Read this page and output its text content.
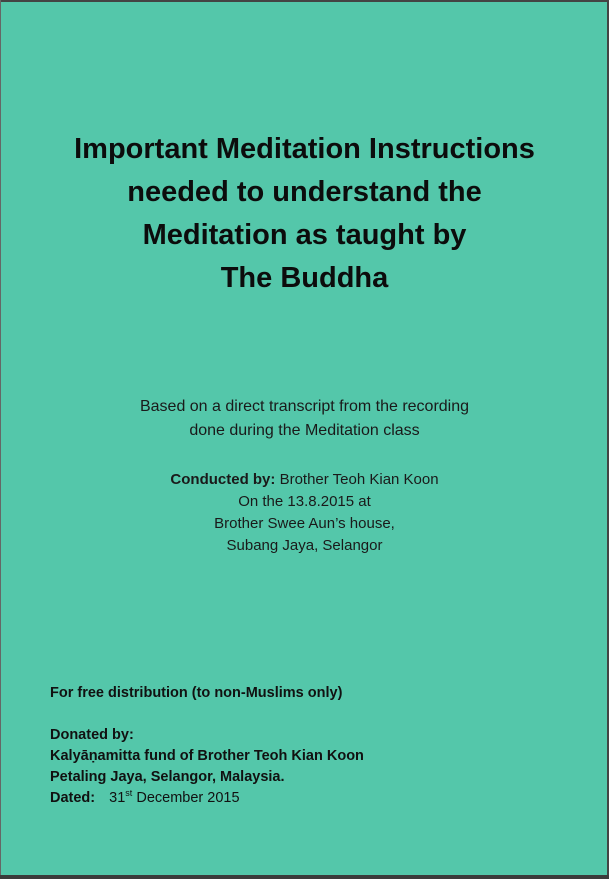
Important Meditation Instructions
needed to understand the
Meditation as taught by
The Buddha
Based on a direct transcript from the recording
done during the Meditation class
Conducted by: Brother Teoh Kian Koon
On the 13.8.2015 at
Brother Swee Aun’s house,
Subang Jaya, Selangor
For free distribution (to non-Muslims only)
Donated by:
Kalyāṇamitta fund of Brother Teoh Kian Koon
Petaling Jaya, Selangor, Malaysia.
Dated: 31st December 2015
